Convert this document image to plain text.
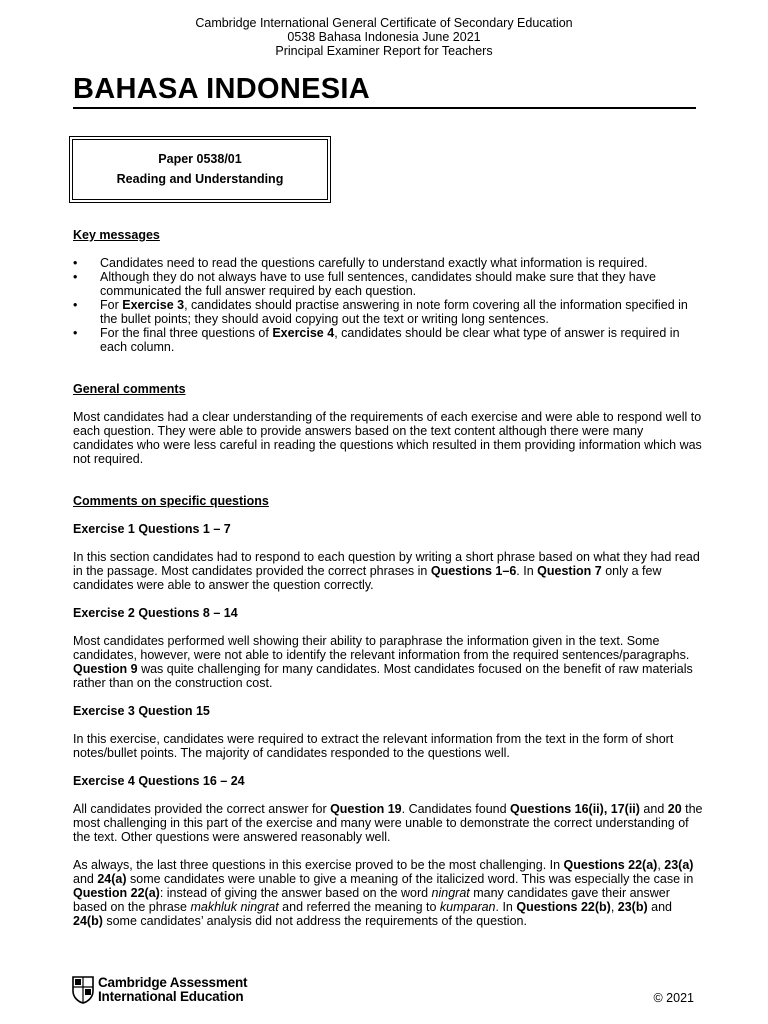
Cambridge International General Certificate of Secondary Education
0538 Bahasa Indonesia June 2021
Principal Examiner Report for Teachers
BAHASA INDONESIA
Paper 0538/01
Reading and Understanding

Key messages

• Candidates need to read the questions carefully to understand exactly what information is required.
• Although they do not always have to use full sentences, candidates should make sure that they have communicated the full answer required by each question.
• For Exercise 3, candidates should practise answering in note form covering all the information specified in the bullet points; they should avoid copying out the text or writing long sentences.
• For the final three questions of Exercise 4, candidates should be clear what type of answer is required in each column.

General comments

Most candidates had a clear understanding of the requirements of each exercise and were able to respond well to each question. They were able to provide answers based on the text content although there were many candidates who were less careful in reading the questions which resulted in them providing information which was not required.

Comments on specific questions

Exercise 1 Questions 1 – 7

In this section candidates had to respond to each question by writing a short phrase based on what they had read in the passage. Most candidates provided the correct phrases in Questions 1–6. In Question 7 only a few candidates were able to answer the question correctly.

Exercise 2 Questions 8 – 14

Most candidates performed well showing their ability to paraphrase the information given in the text. Some candidates, however, were not able to identify the relevant information from the required sentences/paragraphs. Question 9 was quite challenging for many candidates. Most candidates focused on the benefit of raw materials rather than on the construction cost.

Exercise 3 Question 15

In this exercise, candidates were required to extract the relevant information from the text in the form of short notes/bullet points. The majority of candidates responded to the questions well.

Exercise 4 Questions 16 – 24

All candidates provided the correct answer for Question 19. Candidates found Questions 16(ii), 17(ii) and 20 the most challenging in this part of the exercise and many were unable to demonstrate the correct understanding of the text. Other questions were answered reasonably well.

As always, the last three questions in this exercise proved to be the most challenging. In Questions 22(a), 23(a) and 24(a) some candidates were unable to give a meaning of the italicized word. This was especially the case in Question 22(a): instead of giving the answer based on the word ningrat many candidates gave their answer based on the phrase makhluk ningrat and referred the meaning to kumparan. In Questions 22(b), 23(b) and 24(b) some candidates’ analysis did not address the requirements of the question.

Cambridge Assessment
International Education	© 2021
